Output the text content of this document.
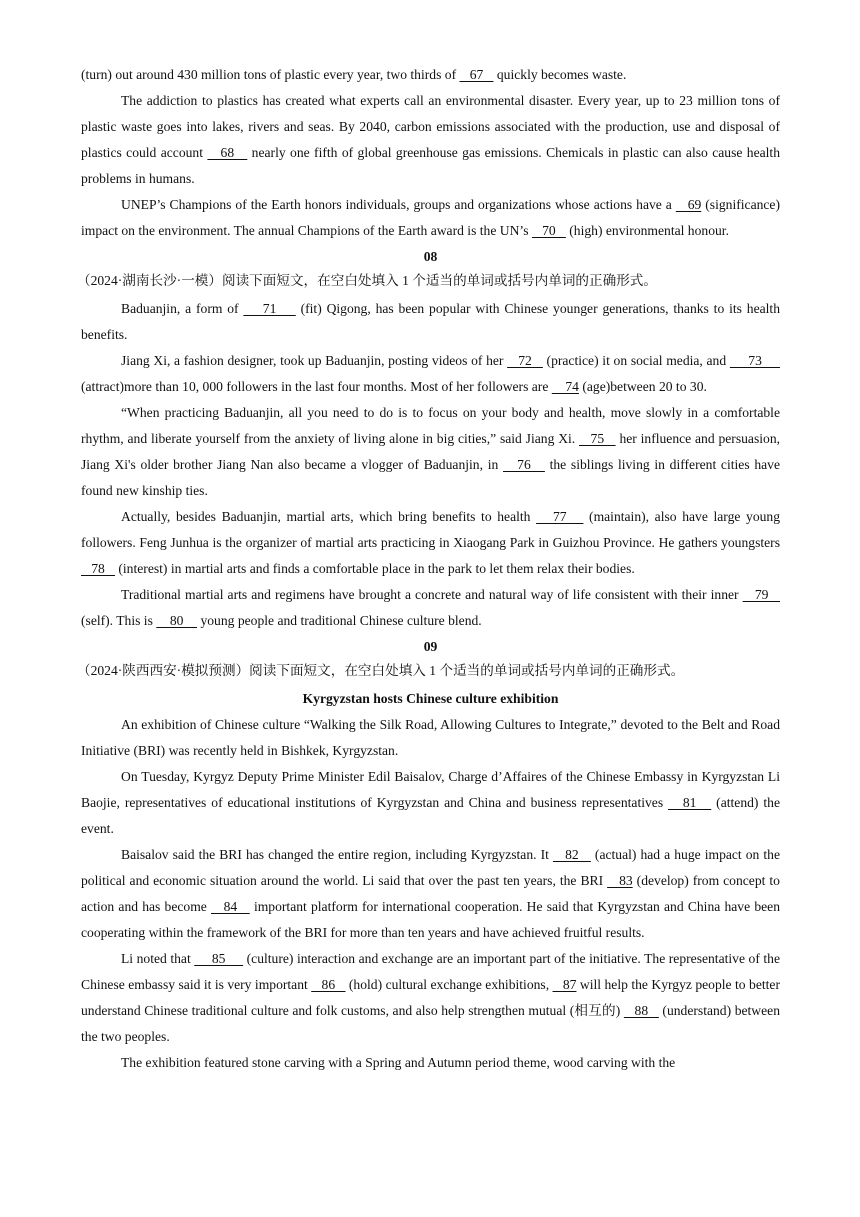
(turn) out around 430 million tons of plastic every year, two thirds of    67    quickly becomes waste.

The addiction to plastics has created what experts call an environmental disaster. Every year, up to 23 million tons of plastic waste goes into lakes, rivers and seas. By 2040, carbon emissions associated with the production, use and disposal of plastics could account    68    nearly one fifth of global greenhouse gas emissions. Chemicals in plastic can also cause health problems in humans.

UNEP’s Champions of the Earth honors individuals, groups and organizations whose actions have a    69 (significance) impact on the environment. The annual Champions of the Earth award is the UN’s    70    (high) environmental honour.

08
（2024·湖南长沙·一模）阅读下面短文，在空白处填入 1 个适当的单词或括号内单词的正确形式。

Baduanjin, a form of     71     (fit) Qigong, has been popular with Chinese younger generations, thanks to its health benefits.

Jiang Xi, a fashion designer, took up Baduanjin, posting videos of her    72    (practice) it on social media, and      73      (attract)more than 10, 000 followers in the last four months. Most of her followers are     74 (age)between 20 to 30.

“When practicing Baduanjin, all you need to do is to focus on your body and health, move slowly in a comfortable rhythm, and liberate yourself from the anxiety of living alone in big cities,” said Jiang Xi.    75    her influence and persuasion, Jiang Xi's older brother Jiang Nan also became a vlogger of Baduanjin, in    76    the siblings living in different cities have found new kinship ties.

Actually, besides Baduanjin, martial arts, which bring benefits to health    77    (maintain), also have large young followers. Feng Junhua is the organizer of martial arts practicing in Xiaogang Park in Guizhou Province. He gathers youngsters    78    (interest) in martial arts and finds a comfortable place in the park to let them relax their bodies.

Traditional martial arts and regimens have brought a concrete and natural way of life consistent with their inner    79    (self). This is     80     young people and traditional Chinese culture blend.

09
（2024·陕西西安·模拟预测）阅读下面短文，在空白处填入 1 个适当的单词或括号内单词的正确形式。
Kyrgyzstan hosts Chinese culture exhibition

An exhibition of Chinese culture “Walking the Silk Road, Allowing Cultures to Integrate,” devoted to the Belt and Road Initiative (BRI) was recently held in Bishkek, Kyrgyzstan.

On Tuesday, Kyrgyz Deputy Prime Minister Edil Baisalov, Charge d’Affaires of the Chinese Embassy in Kyrgyzstan Li Baojie, representatives of educational institutions of Kyrgyzstan and China and business representatives    81    (attend) the event.

Baisalov said the BRI has changed the entire region, including Kyrgyzstan. It    82    (actual) had a huge impact on the political and economic situation around the world. Li said that over the past ten years, the BRI    83 (develop) from concept to action and has become    84    important platform for international cooperation. He said that Kyrgyzstan and China have been cooperating within the framework of the BRI for more than ten years and have achieved fruitful results.

Li noted that      85      (culture) interaction and exchange are an important part of the initiative. The representative of the Chinese embassy said it is very important    86    (hold) cultural exchange exhibitions,    87 will help the Kyrgyz people to better understand Chinese traditional culture and folk customs, and also help strengthen mutual (相互的)    88    (understand) between the two peoples.

The exhibition featured stone carving with a Spring and Autumn period theme, wood carving with the
